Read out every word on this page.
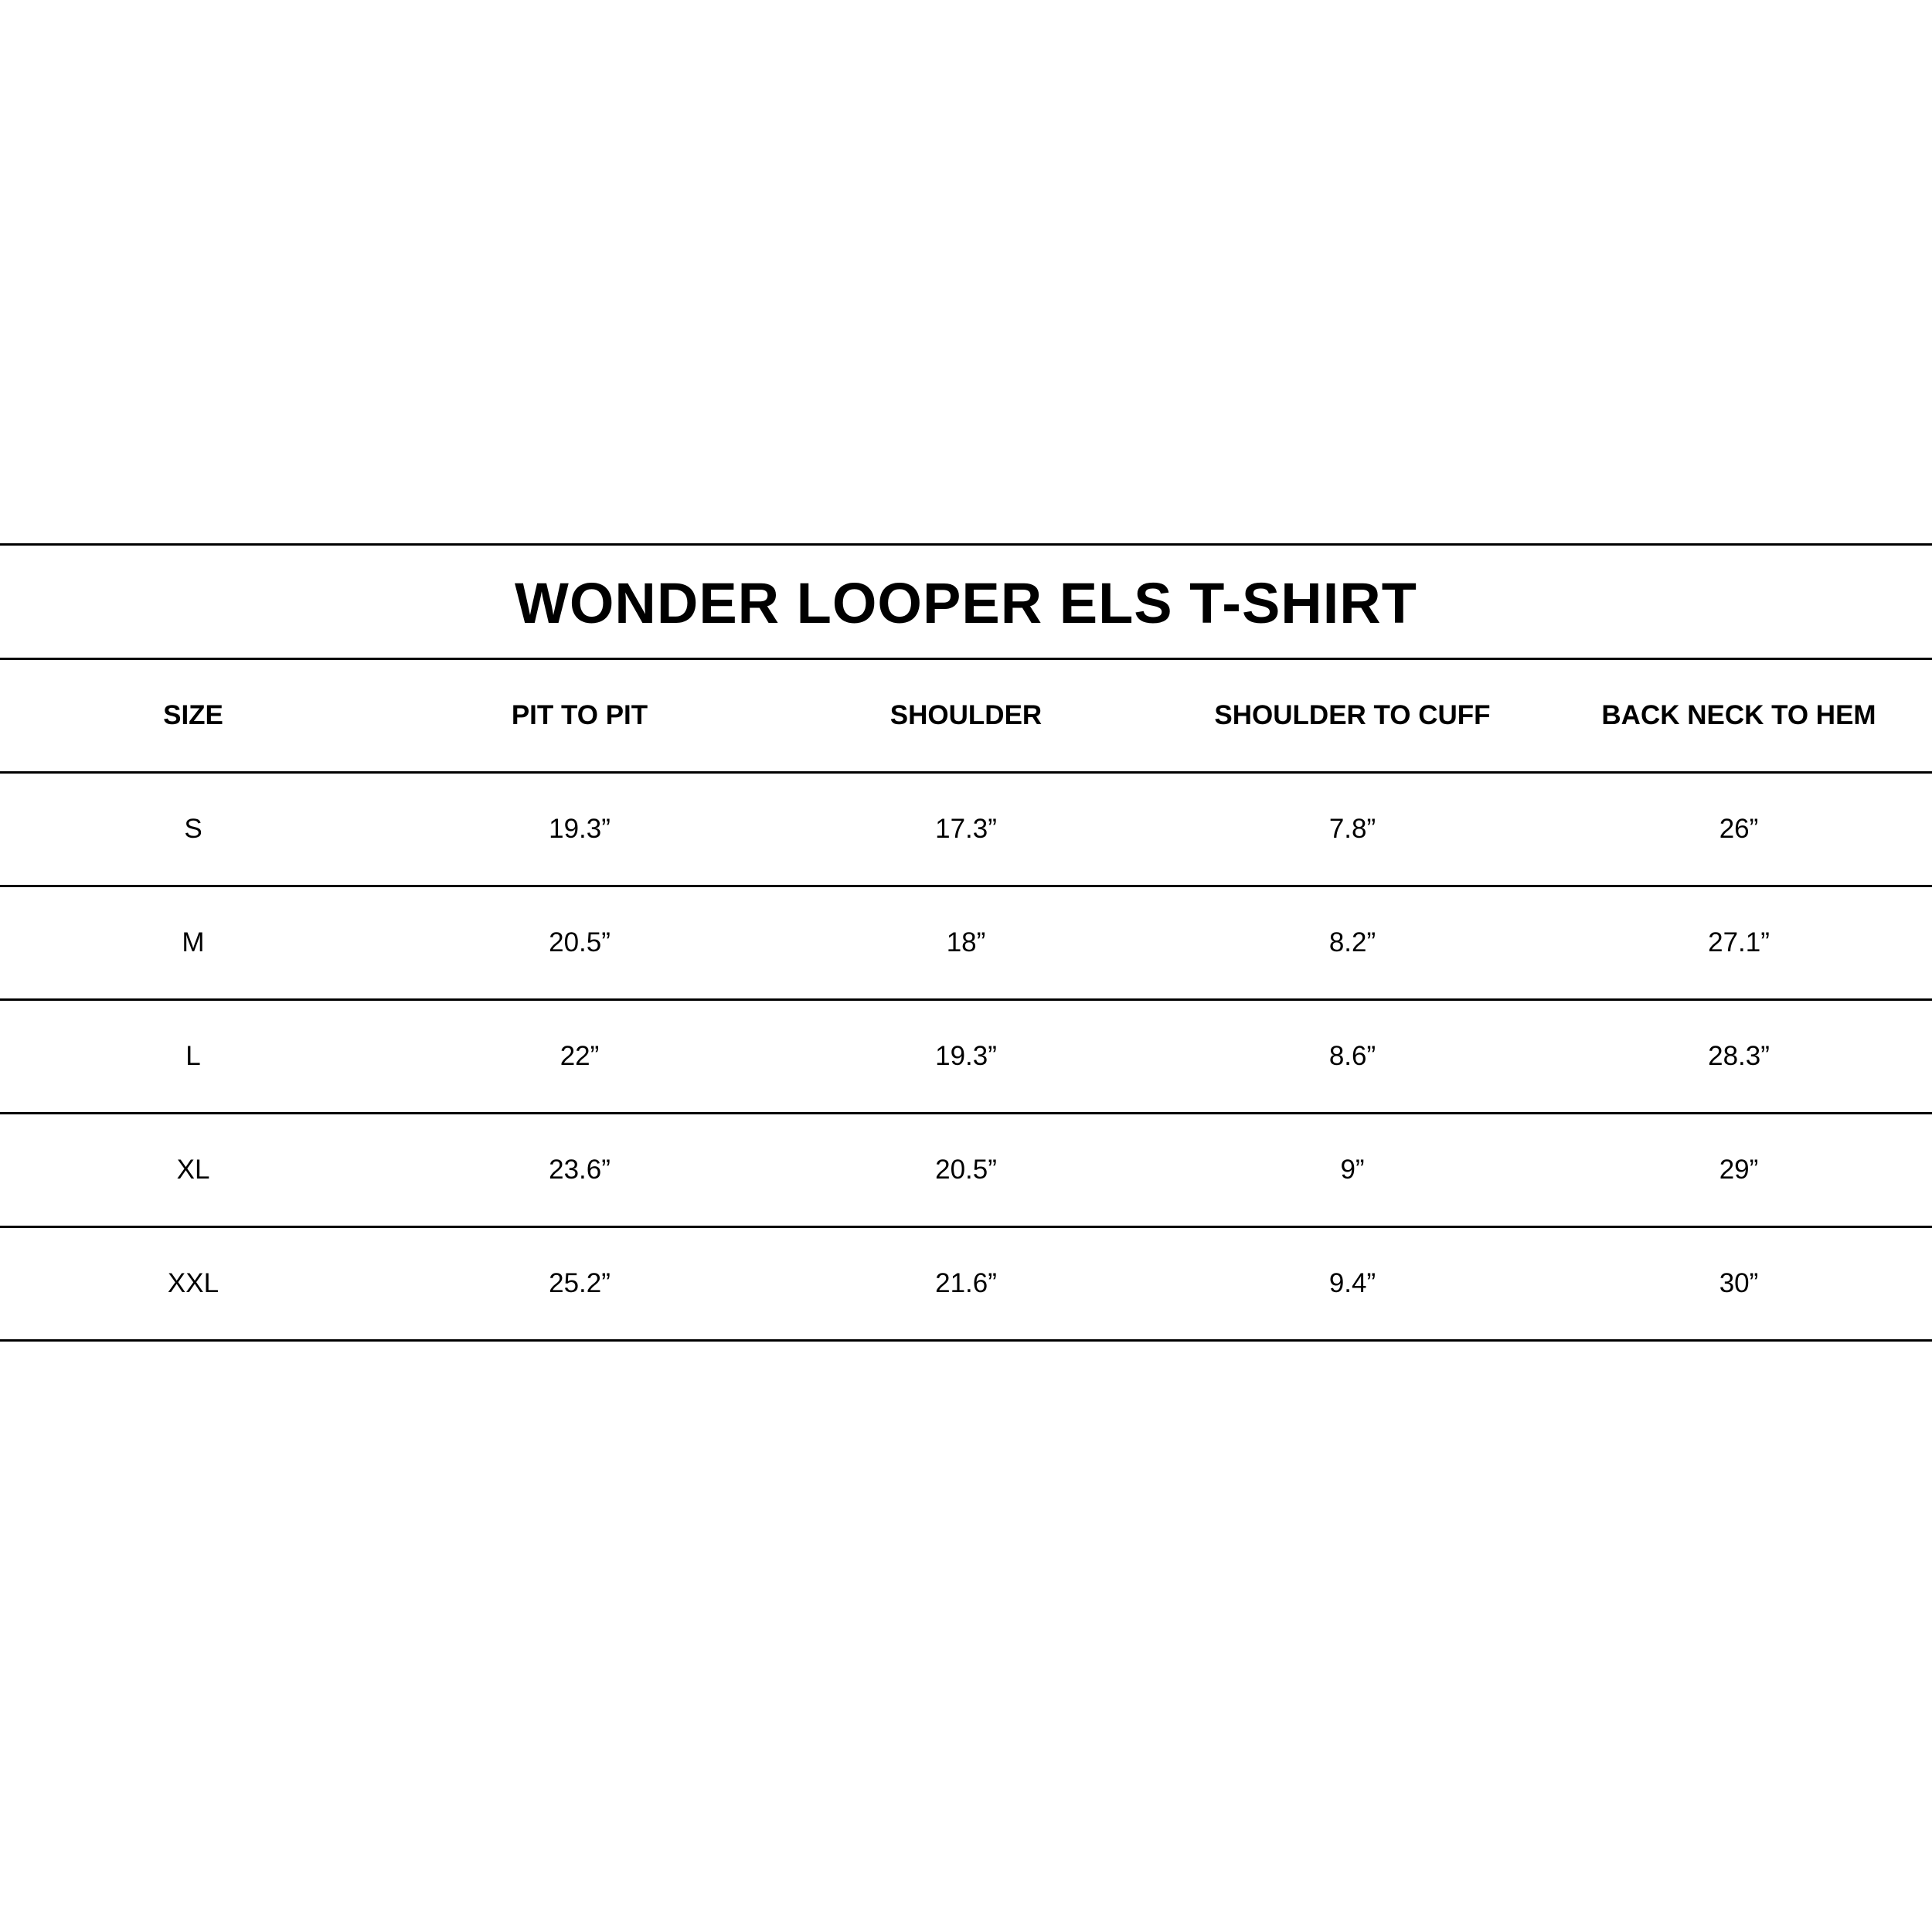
WONDER LOOPER ELS T-SHIRT
SIZE	PIT TO PIT	SHOULDER	SHOULDER TO CUFF	BACK NECK TO HEM
S	19.3”	17.3”	7.8”	26”
M	20.5”	18”	8.2”	27.1”
L	22”	19.3”	8.6”	28.3”
XL	23.6”	20.5”	9”	29”
XXL	25.2”	21.6”	9.4”	30”
